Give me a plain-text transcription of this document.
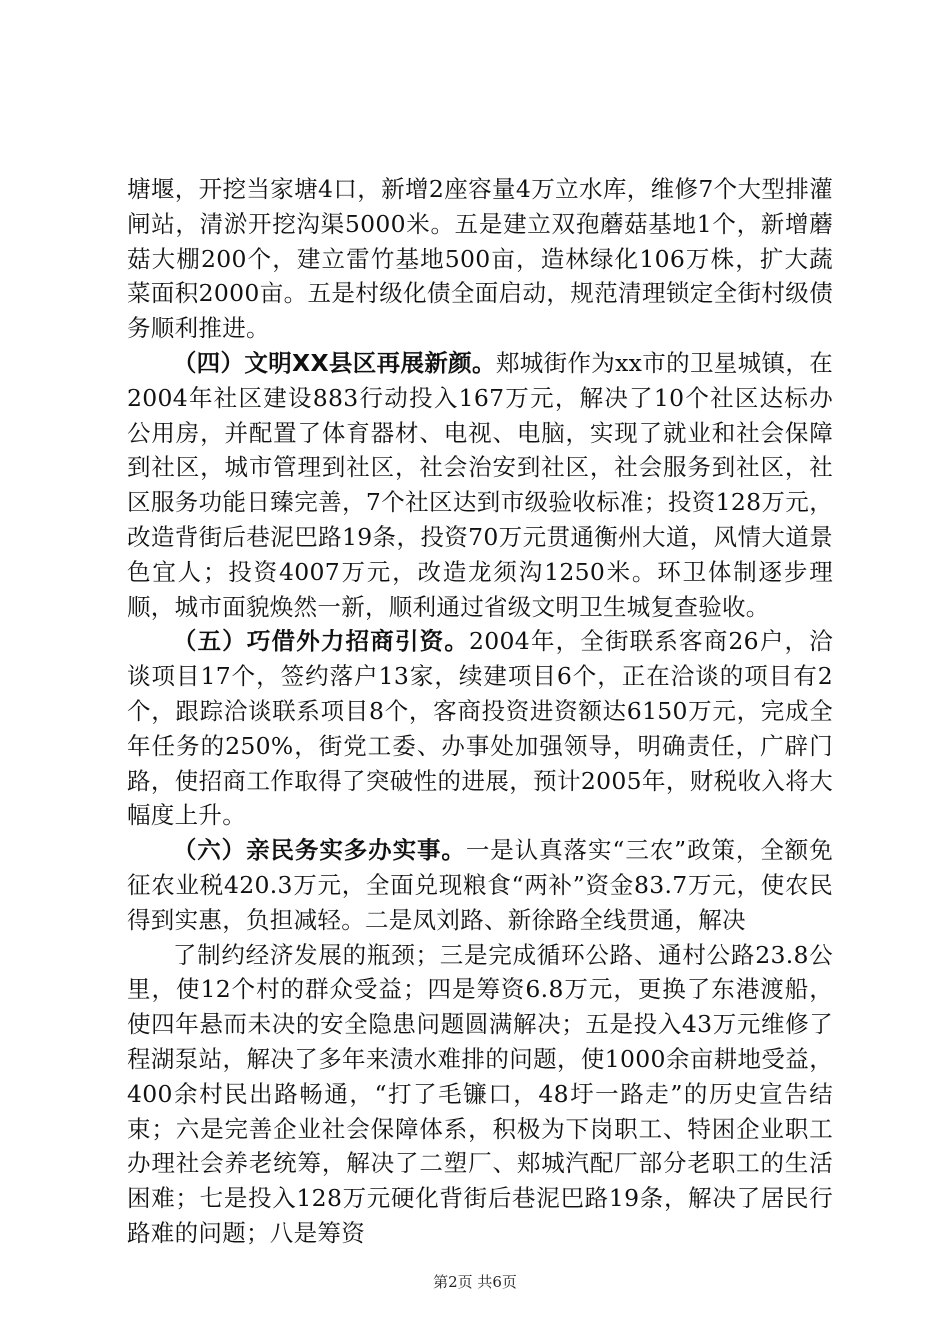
塘堰，开挖当家塘4口，新增2座容量4万立水库，维修7个大型排灌闸站，清淤开挖沟渠5000米。五是建立双孢蘑菇基地1个，新增蘑菇大棚200个，建立雷竹基地500亩，造林绿化106万株，扩大蔬菜面积2000亩。五是村级化债全面启动，规范清理锁定全街村级债务顺利推进。

（四）文明XX县区再展新颜。郏城街作为xx市的卫星城镇，在2004年社区建设883行动投入167万元，解决了10个社区达标办公用房，并配置了体育器材、电视、电脑，实现了就业和社会保障到社区，城市管理到社区，社会治安到社区，社会服务到社区，社区服务功能日臻完善，7个社区达到市级验收标准；投资128万元，改造背街后巷泥巴路19条，投资70万元贯通衡州大道，风情大道景色宜人；投资4007万元，改造龙须沟1250米。环卫体制逐步理顺，城市面貌焕然一新，顺利通过省级文明卫生城复查验收。

（五）巧借外力招商引资。2004年，全街联系客商26户，洽谈项目17个，签约落户13家，续建项目6个，正在洽谈的项目有2个，跟踪洽谈联系项目8个，客商投资进资额达6150万元，完成全年任务的250%，街党工委、办事处加强领导，明确责任，广辟门路，使招商工作取得了突破性的进展，预计2005年，财税收入将大幅度上升。

（六）亲民务实多办实事。一是认真落实“三农”政策，全额免征农业税420.3万元，全面兑现粮食“两补”资金83.7万元，使农民得到实惠，负担减轻。二是凤刘路、新徐路全线贯通，解决

了制约经济发展的瓶颈；三是完成循环公路、通村公路23.8公里，使12个村的群众受益；四是筹资6.8万元，更换了东港渡船，使四年悬而未决的安全隐患问题圆满解决；五是投入43万元维修了程湖泵站，解决了多年来渍水难排的问题，使1000余亩耕地受益，400余村民出路畅通，“打了毛镰口，48圩一路走”的历史宣告结束；六是完善企业社会保障体系，积极为下岗职工、特困企业职工办理社会养老统筹，解决了二塑厂、郏城汽配厂部分老职工的生活困难；七是投入128万元硬化背街后巷泥巴路19条，解决了居民行路难的问题；八是筹资

第2页 共6页
